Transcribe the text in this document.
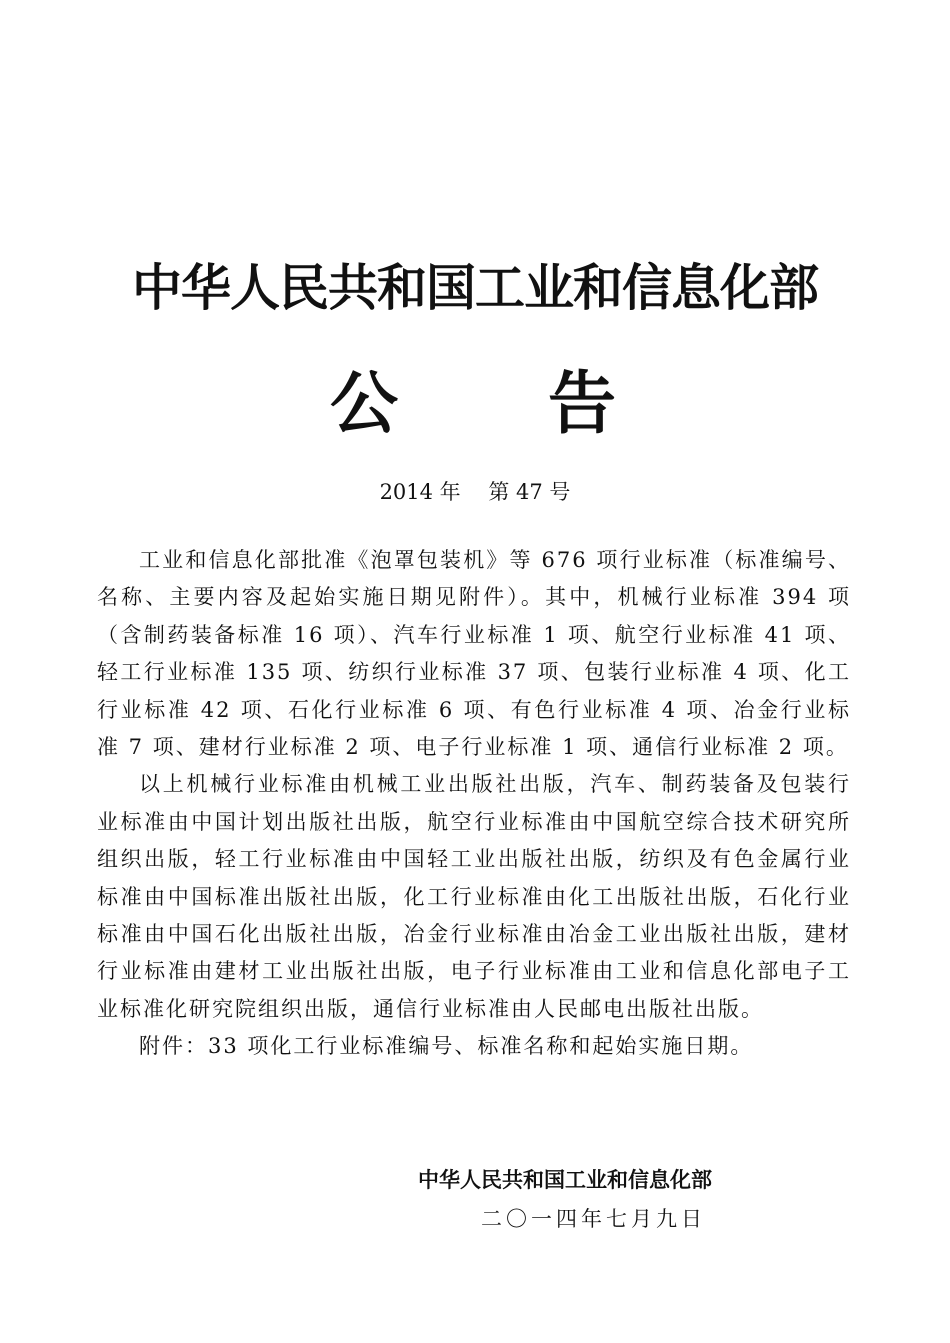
中华人民共和国工业和信息化部
公 告
2014 年　 第 47 号

工业和信息化部批准《泡罩包装机》等 676 项行业标准（标准编号、名称、主要内容及起始实施日期见附件）。其中，机械行业标准 394 项（含制药装备标准 16 项）、汽车行业标准 1 项、航空行业标准 41 项、轻工行业标准 135 项、纺织行业标准 37 项、包装行业标准 4 项、化工行业标准 42 项、石化行业标准 6 项、有色行业标准 4 项、冶金行业标准 7 项、建材行业标准 2 项、电子行业标准 1 项、通信行业标准 2 项。

以上机械行业标准由机械工业出版社出版，汽车、制药装备及包装行业标准由中国计划出版社出版，航空行业标准由中国航空综合技术研究所组织出版，轻工行业标准由中国轻工业出版社出版，纺织及有色金属行业标准由中国标准出版社出版，化工行业标准由化工出版社出版，石化行业标准由中国石化出版社出版，冶金行业标准由冶金工业出版社出版，建材行业标准由建材工业出版社出版，电子行业标准由工业和信息化部电子工业标准化研究院组织出版，通信行业标准由人民邮电出版社出版。

附件：33 项化工行业标准编号、标准名称和起始实施日期。

中华人民共和国工业和信息化部
二〇一四年七月九日
